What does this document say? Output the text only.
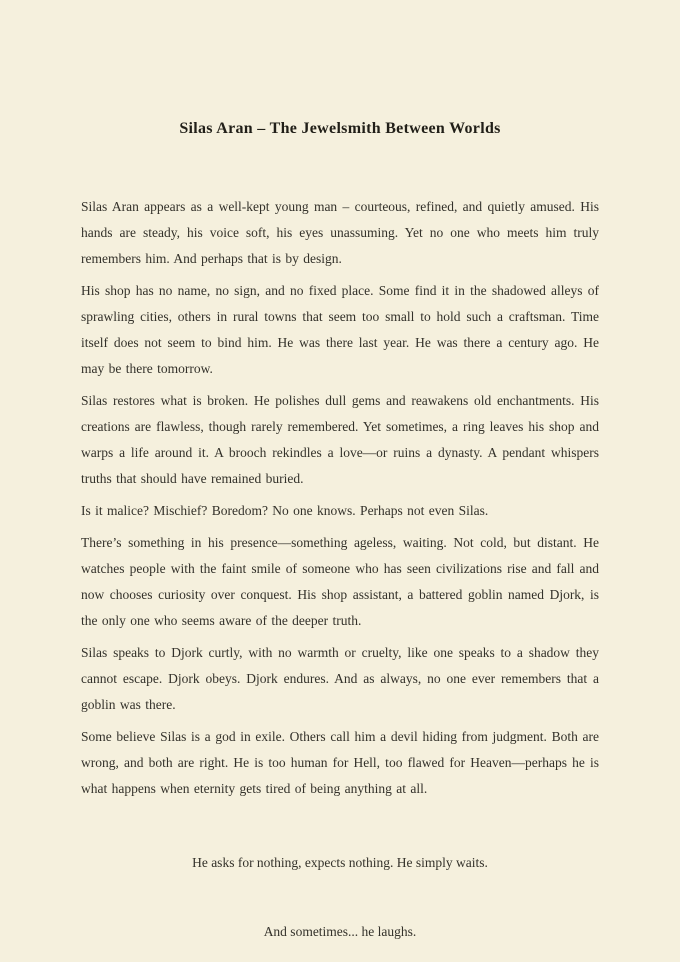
Silas Aran – The Jewelsmith Between Worlds

Silas Aran appears as a well-kept young man – courteous, refined, and quietly amused. His hands are steady, his voice soft, his eyes unassuming. Yet no one who meets him truly remembers him. And perhaps that is by design.

His shop has no name, no sign, and no fixed place. Some find it in the shadowed alleys of sprawling cities, others in rural towns that seem too small to hold such a craftsman. Time itself does not seem to bind him. He was there last year. He was there a century ago. He may be there tomorrow.

Silas restores what is broken. He polishes dull gems and reawakens old enchantments. His creations are flawless, though rarely remembered. Yet sometimes, a ring leaves his shop and warps a life around it. A brooch rekindles a love—or ruins a dynasty. A pendant whispers truths that should have remained buried.

Is it malice? Mischief? Boredom? No one knows. Perhaps not even Silas.

There’s something in his presence—something ageless, waiting. Not cold, but distant. He watches people with the faint smile of someone who has seen civilizations rise and fall and now chooses curiosity over conquest. His shop assistant, a battered goblin named Djork, is the only one who seems aware of the deeper truth.

Silas speaks to Djork curtly, with no warmth or cruelty, like one speaks to a shadow they cannot escape. Djork obeys. Djork endures. And as always, no one ever remembers that a goblin was there.

Some believe Silas is a god in exile. Others call him a devil hiding from judgment. Both are wrong, and both are right. He is too human for Hell, too flawed for Heaven—perhaps he is what happens when eternity gets tired of being anything at all.

He asks for nothing, expects nothing. He simply waits.

And sometimes... he laughs.
